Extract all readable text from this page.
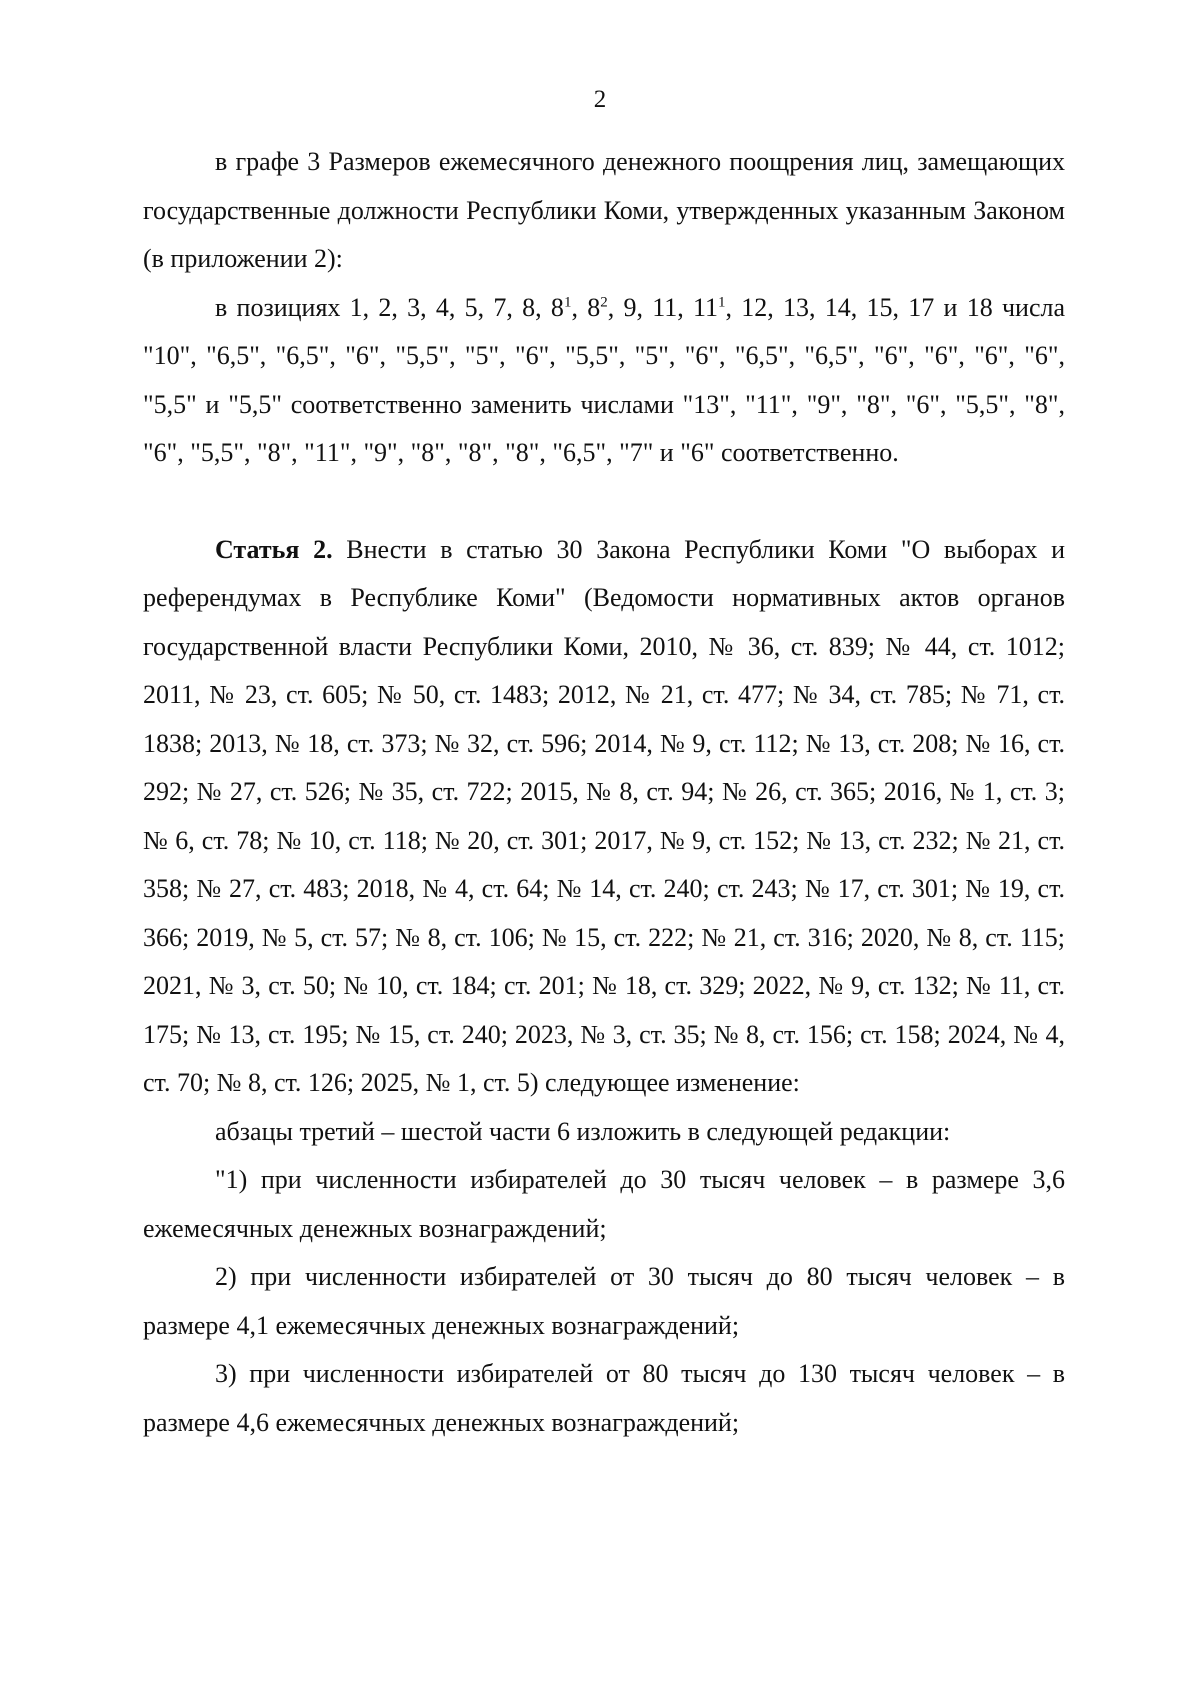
2

в графе 3 Размеров ежемесячного денежного поощрения лиц, замещающих государственные должности Республики Коми, утвержденных указанным Законом (в приложении 2):

в позициях 1, 2, 3, 4, 5, 7, 8, $8^1$, $8^2$, 9, 11, $11^1$, 12, 13, 14, 15, 17 и 18 числа "10", "6,5", "6,5", "6", "5,5", "5", "6", "5,5", "5", "6", "6,5", "6,5", "6", "6", "6", "6", "5,5" и "5,5" соответственно заменить числами "13", "11", "9", "8", "6", "5,5", "8", "6", "5,5", "8", "11", "9", "8", "8", "8", "6,5", "7" и "6" соответственно.

Статья 2. Внести в статью 30 Закона Республики Коми "О выборах и референдумах в Республике Коми" (Ведомости нормативных актов органов государственной власти Республики Коми, 2010, № 36, ст. 839; № 44, ст. 1012; 2011, № 23, ст. 605; № 50, ст. 1483; 2012, № 21, ст. 477; № 34, ст. 785; № 71, ст. 1838; 2013, № 18, ст. 373; № 32, ст. 596; 2014, № 9, ст. 112; № 13, ст. 208; № 16, ст. 292; № 27, ст. 526; № 35, ст. 722; 2015, № 8, ст. 94; № 26, ст. 365; 2016, № 1, ст. 3; № 6, ст. 78; № 10, ст. 118; № 20, ст. 301; 2017, № 9, ст. 152; № 13, ст. 232; № 21, ст. 358; № 27, ст. 483; 2018, № 4, ст. 64; № 14, ст. 240; ст. 243; № 17, ст. 301; № 19, ст. 366; 2019, № 5, ст. 57; № 8, ст. 106; № 15, ст. 222; № 21, ст. 316; 2020, № 8, ст. 115; 2021, № 3, ст. 50; № 10, ст. 184; ст. 201; № 18, ст. 329; 2022, № 9, ст. 132; № 11, ст. 175; № 13, ст. 195; № 15, ст. 240; 2023, № 3, ст. 35; № 8, ст. 156; ст. 158; 2024, № 4, ст. 70; № 8, ст. 126; 2025, № 1, ст. 5) следующее изменение:

абзацы третий – шестой части 6 изложить в следующей редакции:

"1) при численности избирателей до 30 тысяч человек – в размере 3,6 ежемесячных денежных вознаграждений;

2) при численности избирателей от 30 тысяч до 80 тысяч человек – в размере 4,1 ежемесячных денежных вознаграждений;

3) при численности избирателей от 80 тысяч до 130 тысяч человек – в размере 4,6 ежемесячных денежных вознаграждений;
